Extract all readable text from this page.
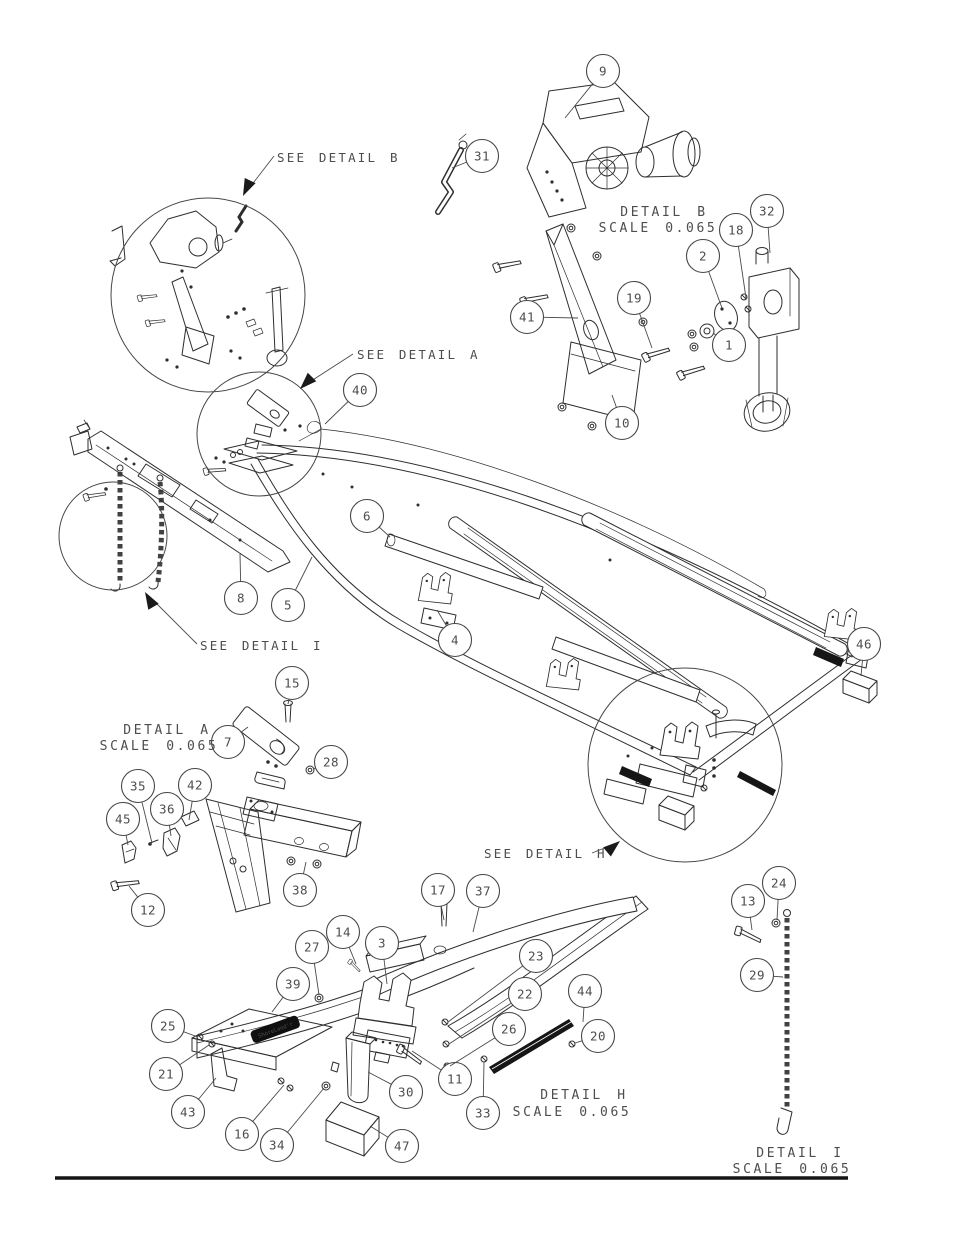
ShoreLand'r
1
2
3
4
5
6
7
8
9
10
11
12
13
14
15
16
17
18
19
20
21
22
23
24
25	26
27
28
29
30
31
32
33
34
35
36
37
38
39
40
41
42
43
44
45
46
47
SEE DETAIL B
SEE DETAIL A
SEE DETAIL I
SEE DETAIL H
DETAIL B
SCALE 0.065
DETAIL A
SCALE 0.065
DETAIL H
SCALE 0.065
DETAIL I
SCALE 0.065
